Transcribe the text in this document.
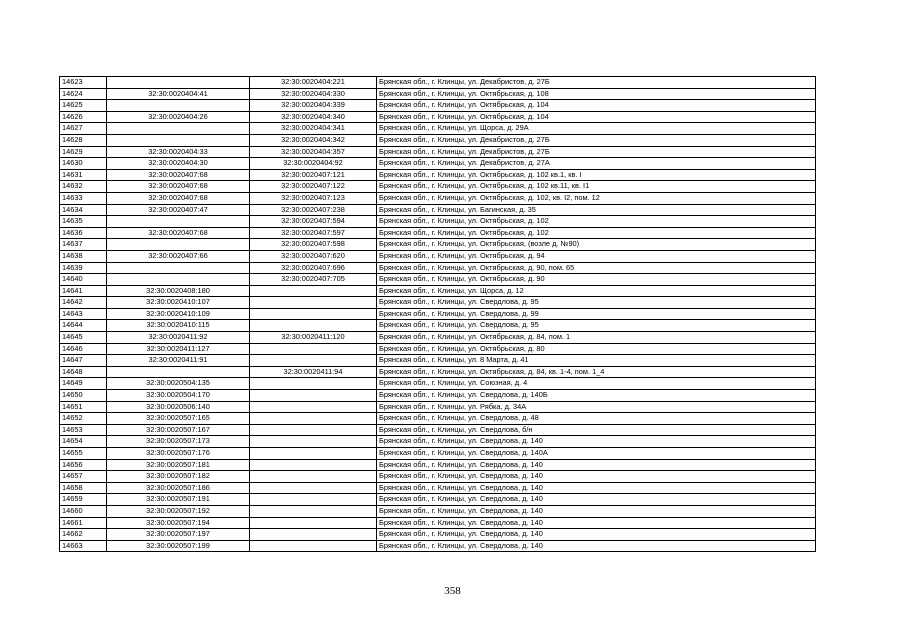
14623		32:30:0020404:221	Брянская обл., г. Клинцы, ул. Декабристов, д. 27Б
14624	32:30:0020404:41	32:30:0020404:330	Брянская обл., г. Клинцы, ул. Октябрьская, д. 108
14625		32:30:0020404:339	Брянская обл., г. Клинцы, ул. Октябрьская, д. 104
14626	32:30:0020404:26	32:30:0020404:340	Брянская обл., г. Клинцы, ул. Октябрьская, д. 104
14627		32:30:0020404:341	Брянская обл., г. Клинцы, ул. Щорса, д. 29А
14628		32:30:0020404:342	Брянская обл., г. Клинцы, ул. Декабристов, д. 27Б
14629	32:30:0020404:33	32:30:0020404:357	Брянская обл., г. Клинцы, ул. Декабристов, д. 27Б
14630	32:30:0020404:30	32:30:0020404:92	Брянская обл., г. Клинцы, ул. Декабристов, д. 27А
14631	32:30:0020407:68	32:30:0020407:121	Брянская обл., г. Клинцы, ул. Октябрьская, д. 102 кв.1, кв. I
14632	32:30:0020407:68	32:30:0020407:122	Брянская обл., г. Клинцы, ул. Октябрьская, д. 102 кв.11, кв. I1
14633	32:30:0020407:68	32:30:0020407:123	Брянская обл., г. Клинцы, ул. Октябрьская, д. 102, кв. I2, пом. 12
14634	32:30:0020407:47	32:30:0020407:238	Брянская обл., г. Клинцы, ул. Багинская, д. 35
14635		32:30:0020407:594	Брянская обл., г. Клинцы, ул. Октябрьская, д. 102
14636	32:30:0020407:68	32:30:0020407:597	Брянская обл., г. Клинцы, ул. Октябрьская, д. 102
14637		32:30:0020407:598	Брянская обл., г. Клинцы, ул. Октябрьская, (возле д. №90)
14638	32:30:0020407:66	32:30:0020407:620	Брянская обл., г. Клинцы, ул. Октябрьская, д. 94
14639		32:30:0020407:696	Брянская обл., г. Клинцы, ул. Октябрьская, д. 90, пом. 65
14640		32:30:0020407:705	Брянская обл., г. Клинцы, ул. Октябрьская, д. 90
14641	32:30:0020408:180		Брянская обл., г. Клинцы, ул. Щорса, д. 12
14642	32:30:0020410:107		Брянская обл., г. Клинцы, ул. Свердлова, д. 95
14643	32:30:0020410:109		Брянская обл., г. Клинцы, ул. Свердлова, д. 99
14644	32:30:0020410:115		Брянская обл., г. Клинцы, ул. Свердлова, д. 95
14645	32:30:0020411:92	32:30:0020411:120	Брянская обл., г. Клинцы, ул. Октябрьская, д. 84, пом. 1
14646	32:30:0020411:127		Брянская обл., г. Клинцы, ул. Октябрьская, д. 80
14647	32:30:0020411:91		Брянская обл., г. Клинцы, ул. 8 Марта, д. 41
14648		32:30:0020411:94	Брянская обл., г. Клинцы, ул. Октябрьская, д. 84, кв. 1-4, пом. 1_4
14649	32:30:0020504:135		Брянская обл., г. Клинцы, ул. Союзная, д. 4
14650	32:30:0020504:170		Брянская обл., г. Клинцы, ул. Свердлова, д. 140Б
14651	32:30:0020506:140		Брянская обл., г. Клинцы, ул. Рябка, д. 34А
14652	32:30:0020507:165		Брянская обл., г. Клинцы, ул. Свердлова, д. 48
14653	32:30:0020507:167		Брянская обл., г. Клинцы, ул. Свердлова, б/н
14654	32:30:0020507:173		Брянская обл., г. Клинцы, ул. Свердлова, д. 140
14655	32:30:0020507:176		Брянская обл., г. Клинцы, ул. Свердлова, д. 140А
14656	32:30:0020507:181		Брянская обл., г. Клинцы, ул. Свердлова, д. 140
14657	32:30:0020507:182		Брянская обл., г. Клинцы, ул. Свердлова, д. 140
14658	32:30:0020507:186		Брянская обл., г. Клинцы, ул. Свердлова, д. 140
14659	32:30:0020507:191		Брянская обл., г. Клинцы, ул. Свердлова, д. 140
14660	32:30:0020507:192		Брянская обл., г. Клинцы, ул. Свердлова, д. 140
14661	32:30:0020507:194		Брянская обл., г. Клинцы, ул. Свердлова, д. 140
14662	32:30:0020507:197		Брянская обл., г. Клинцы, ул. Свердлова, д. 140
14663	32:30:0020507:199		Брянская обл., г. Клинцы, ул. Свердлова, д. 140
358
